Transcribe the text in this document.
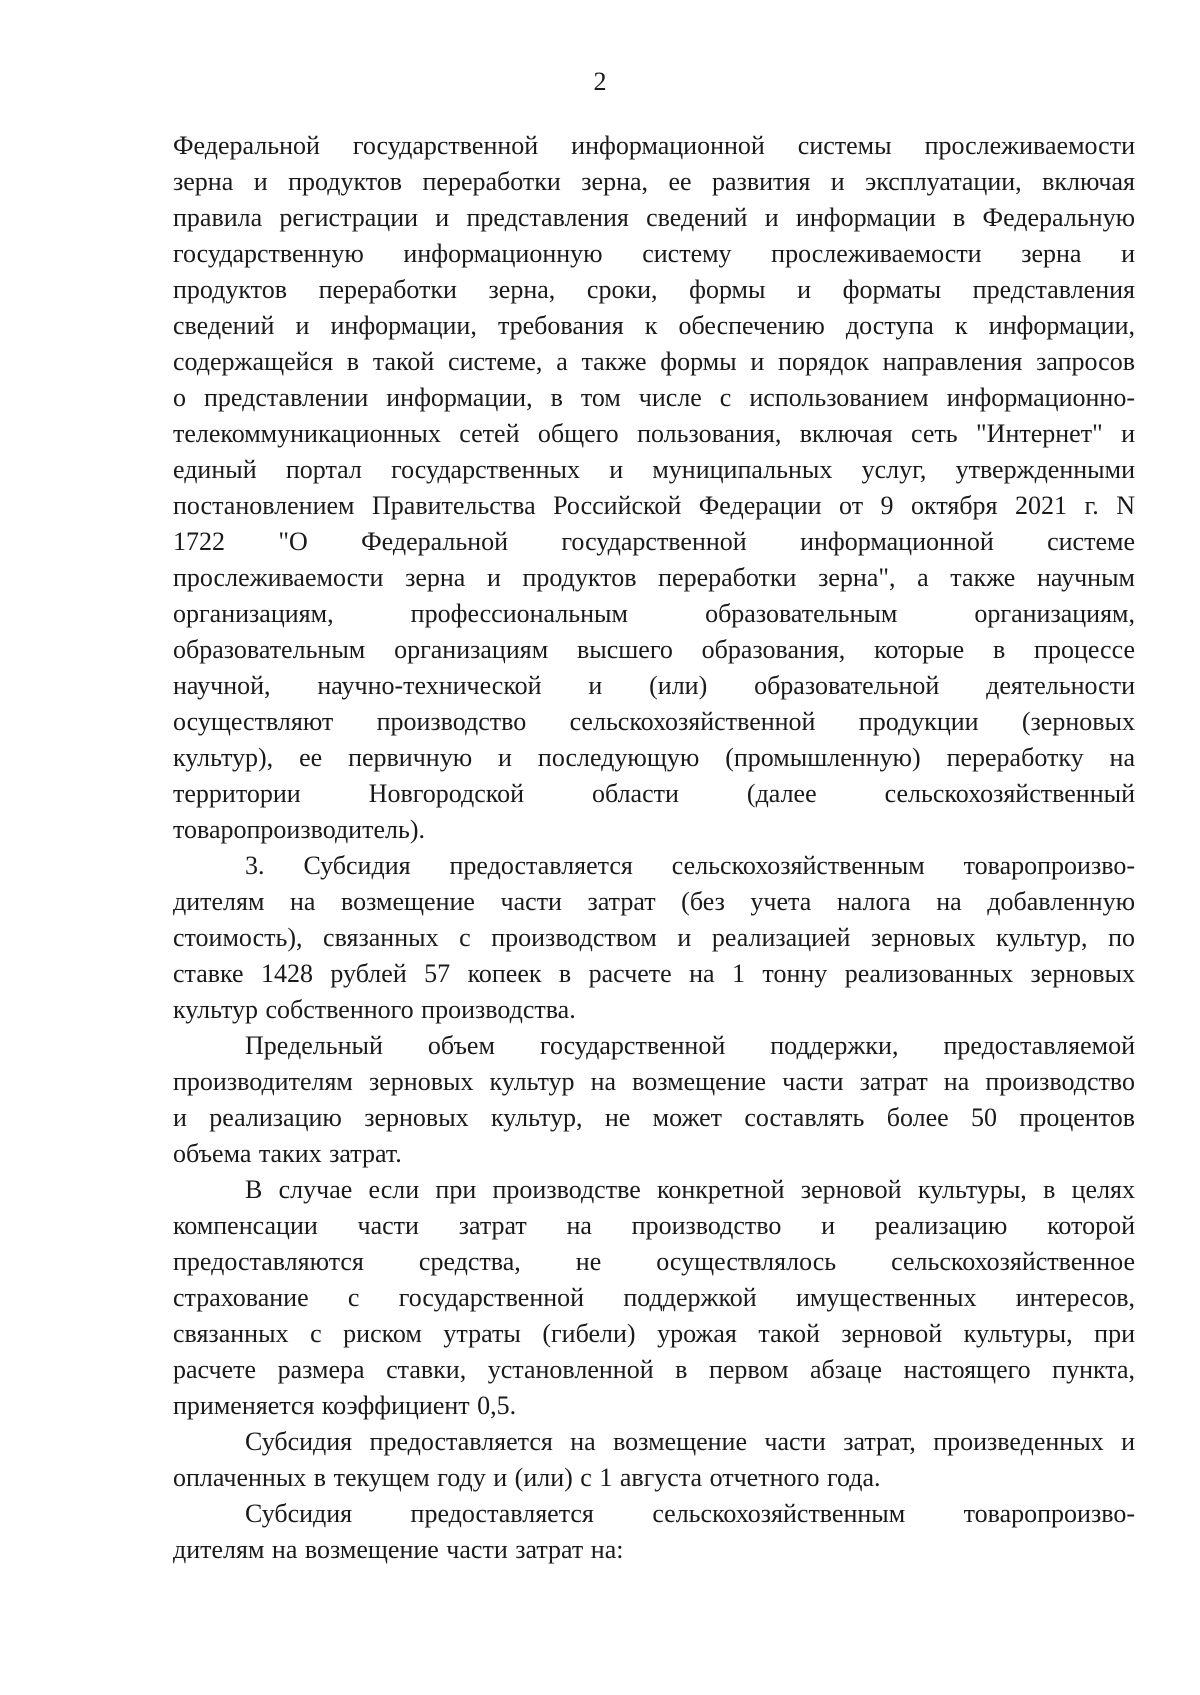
2
Федеральной государственной информационной системы прослеживаемости
зерна и продуктов переработки зерна, ее развития и эксплуатации, включая
правила регистрации и представления сведений и информации в Федеральную
государственную информационную систему прослеживаемости зерна и
продуктов переработки зерна, сроки, формы и форматы представления
сведений и информации, требования к обеспечению доступа к информации,
содержащейся в такой системе, а также формы и порядок направления запросов
о представлении информации, в том числе с использованием информационно-
телекоммуникационных сетей общего пользования, включая сеть "Интернет" и
единый портал государственных и муниципальных услуг, утвержденными
постановлением Правительства Российской Федерации от 9 октября 2021 г. N
1722 "О Федеральной государственной информационной системе
прослеживаемости зерна и продуктов переработки зерна", а также научным
организациям, профессиональным образовательным организациям,
образовательным организациям высшего образования, которые в процессе
научной, научно-технической и (или) образовательной деятельности
осуществляют производство сельскохозяйственной продукции (зерновых
культур), ее первичную и последующую (промышленную) переработку на
территории Новгородской области (далее сельскохозяйственный
товаропроизводитель).
3. Субсидия предоставляется сельскохозяйственным товаропроизво-
дителям на возмещение части затрат (без учета налога на добавленную
стоимость), связанных с производством и реализацией зерновых культур, по
ставке 1428 рублей 57 копеек в расчете на 1 тонну реализованных зерновых
культур собственного производства.
Предельный объем государственной поддержки, предоставляемой
производителям зерновых культур на возмещение части затрат на производство
и реализацию зерновых культур, не может составлять более 50 процентов
объема таких затрат.
В случае если при производстве конкретной зерновой культуры, в целях
компенсации части затрат на производство и реализацию которой
предоставляются средства, не осуществлялось сельскохозяйственное
страхование с государственной поддержкой имущественных интересов,
связанных с риском утраты (гибели) урожая такой зерновой культуры, при
расчете размера ставки, установленной в первом абзаце настоящего пункта,
применяется коэффициент 0,5.
Субсидия предоставляется на возмещение части затрат, произведенных и
оплаченных в текущем году и (или) с 1 августа отчетного года.
Субсидия предоставляется сельскохозяйственным товаропроизво-
дителям на возмещение части затрат на:
